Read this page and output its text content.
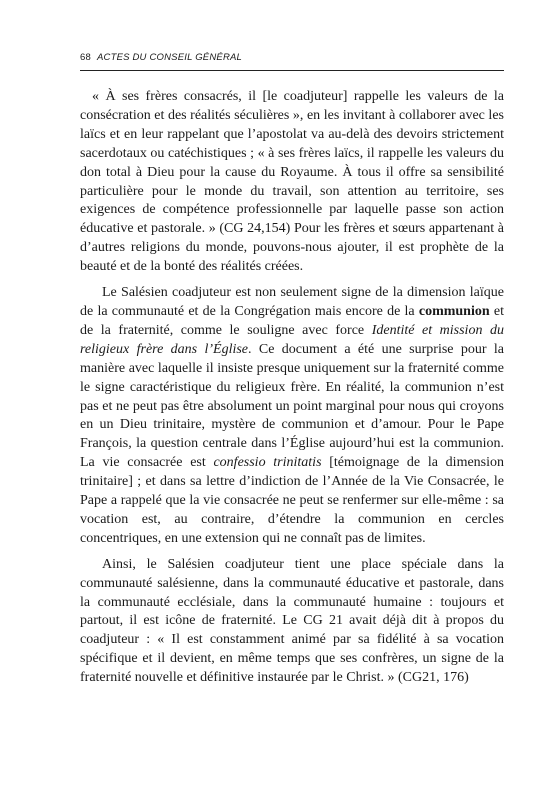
68 ACTES DU CONSEIL GÉNÉRAL

« À ses frères consacrés, il [le coadjuteur] rappelle les valeurs de la consécration et des réalités séculières », en les invitant à collaborer avec les laïcs et en leur rappelant que l’apostolat va au-delà des devoirs strictement sacerdotaux ou catéchistiques ; « à ses frères laïcs, il rappelle les valeurs du don total à Dieu pour la cause du Royaume. À tous il offre sa sensibilité particulière pour le monde du travail, son attention au territoire, ses exigences de compétence professionnelle par laquelle passe son action éducative et pastorale. » (CG 24,154) Pour les frères et sœurs appartenant à d’autres religions du monde, pouvons-nous ajouter, il est prophète de la beauté et de la bonté des réalités créées.

Le Salésien coadjuteur est non seulement signe de la dimension laïque de la communauté et de la Congrégation mais encore de la communion et de la fraternité, comme le souligne avec force Identité et mission du religieux frère dans l’Église. Ce document a été une surprise pour la manière avec laquelle il insiste presque uniquement sur la fraternité comme le signe caractéristique du religieux frère. En réalité, la communion n’est pas et ne peut pas être absolument un point marginal pour nous qui croyons en un Dieu trinitaire, mystère de communion et d’amour. Pour le Pape François, la question centrale dans l’Église aujourd’hui est la communion. La vie consacrée est confessio trinitatis [témoignage de la dimension trinitaire] ; et dans sa lettre d’indiction de l’Année de la Vie Consacrée, le Pape a rappelé que la vie consacrée ne peut se renfermer sur elle-même : sa vocation est, au contraire, d’étendre la communion en cercles concentriques, en une extension qui ne connaît pas de limites.

Ainsi, le Salésien coadjuteur tient une place spéciale dans la communauté salésienne, dans la communauté éducative et pastorale, dans la communauté ecclésiale, dans la communauté humaine : toujours et partout, il est icône de fraternité. Le CG 21 avait déjà dit à propos du coadjuteur : « Il est constamment animé par sa fidélité à sa vocation spécifique et il devient, en même temps que ses confrères, un signe de la fraternité nouvelle et définitive instaurée par le Christ. » (CG21, 176)
